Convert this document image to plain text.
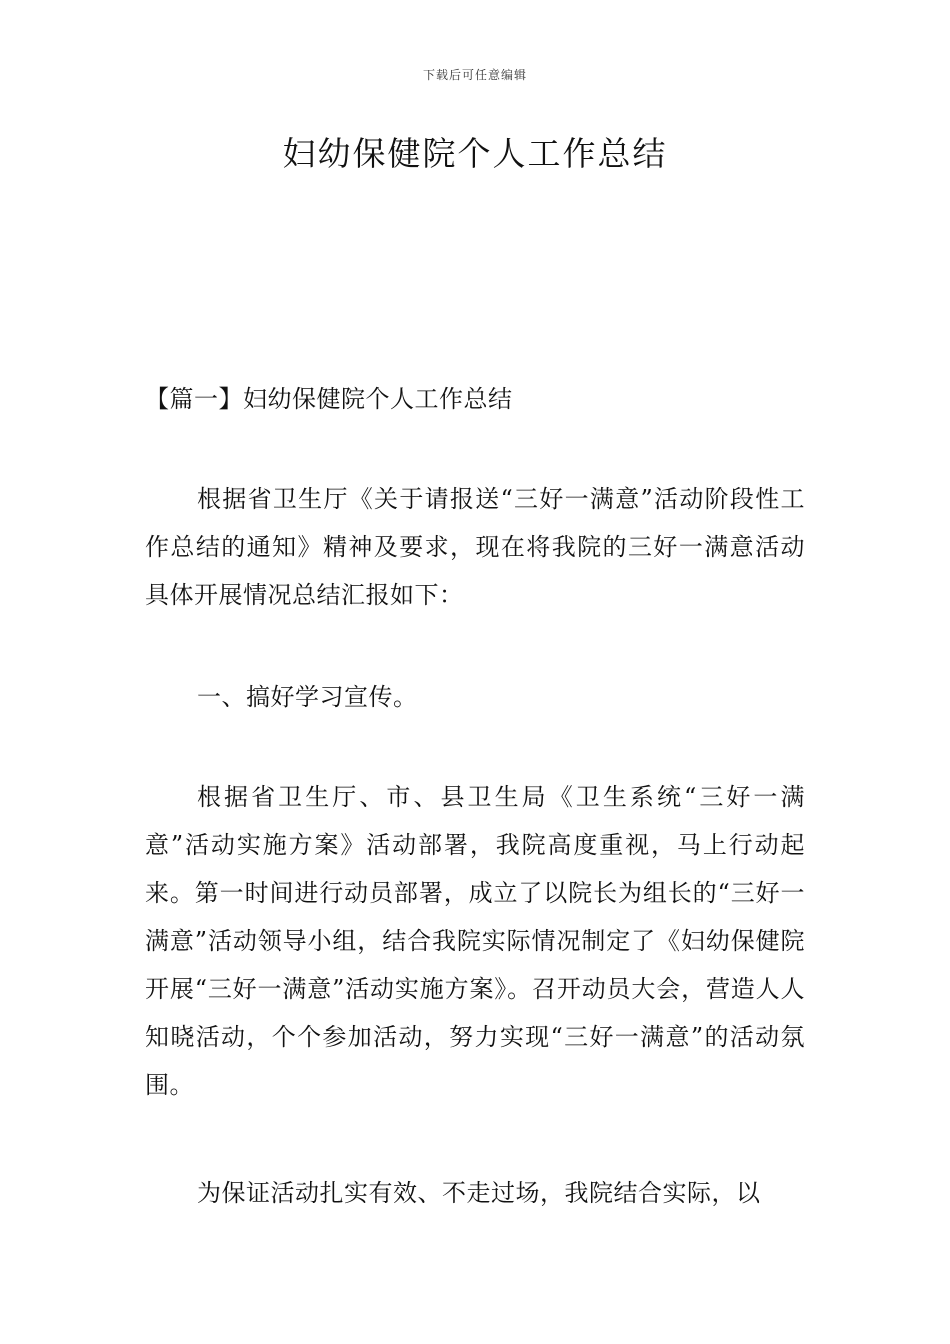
下载后可任意编辑
妇幼保健院个人工作总结

【篇一】妇幼保健院个人工作总结

根据省卫生厅《关于请报送“三好一满意”活动阶段性工作总结的通知》精神及要求，现在将我院的三好一满意活动具体开展情况总结汇报如下：

一、搞好学习宣传。

根据省卫生厅、市、县卫生局《卫生系统“三好一满意”活动实施方案》活动部署，我院高度重视，马上行动起来。第一时间进行动员部署，成立了以院长为组长的“三好一满意”活动领导小组，结合我院实际情况制定了《妇幼保健院开展“三好一满意”活动实施方案》。召开动员大会，营造人人知晓活动，个个参加活动，努力实现“三好一满意”的活动氛围。

为保证活动扎实有效、不走过场，我院结合实际，以
